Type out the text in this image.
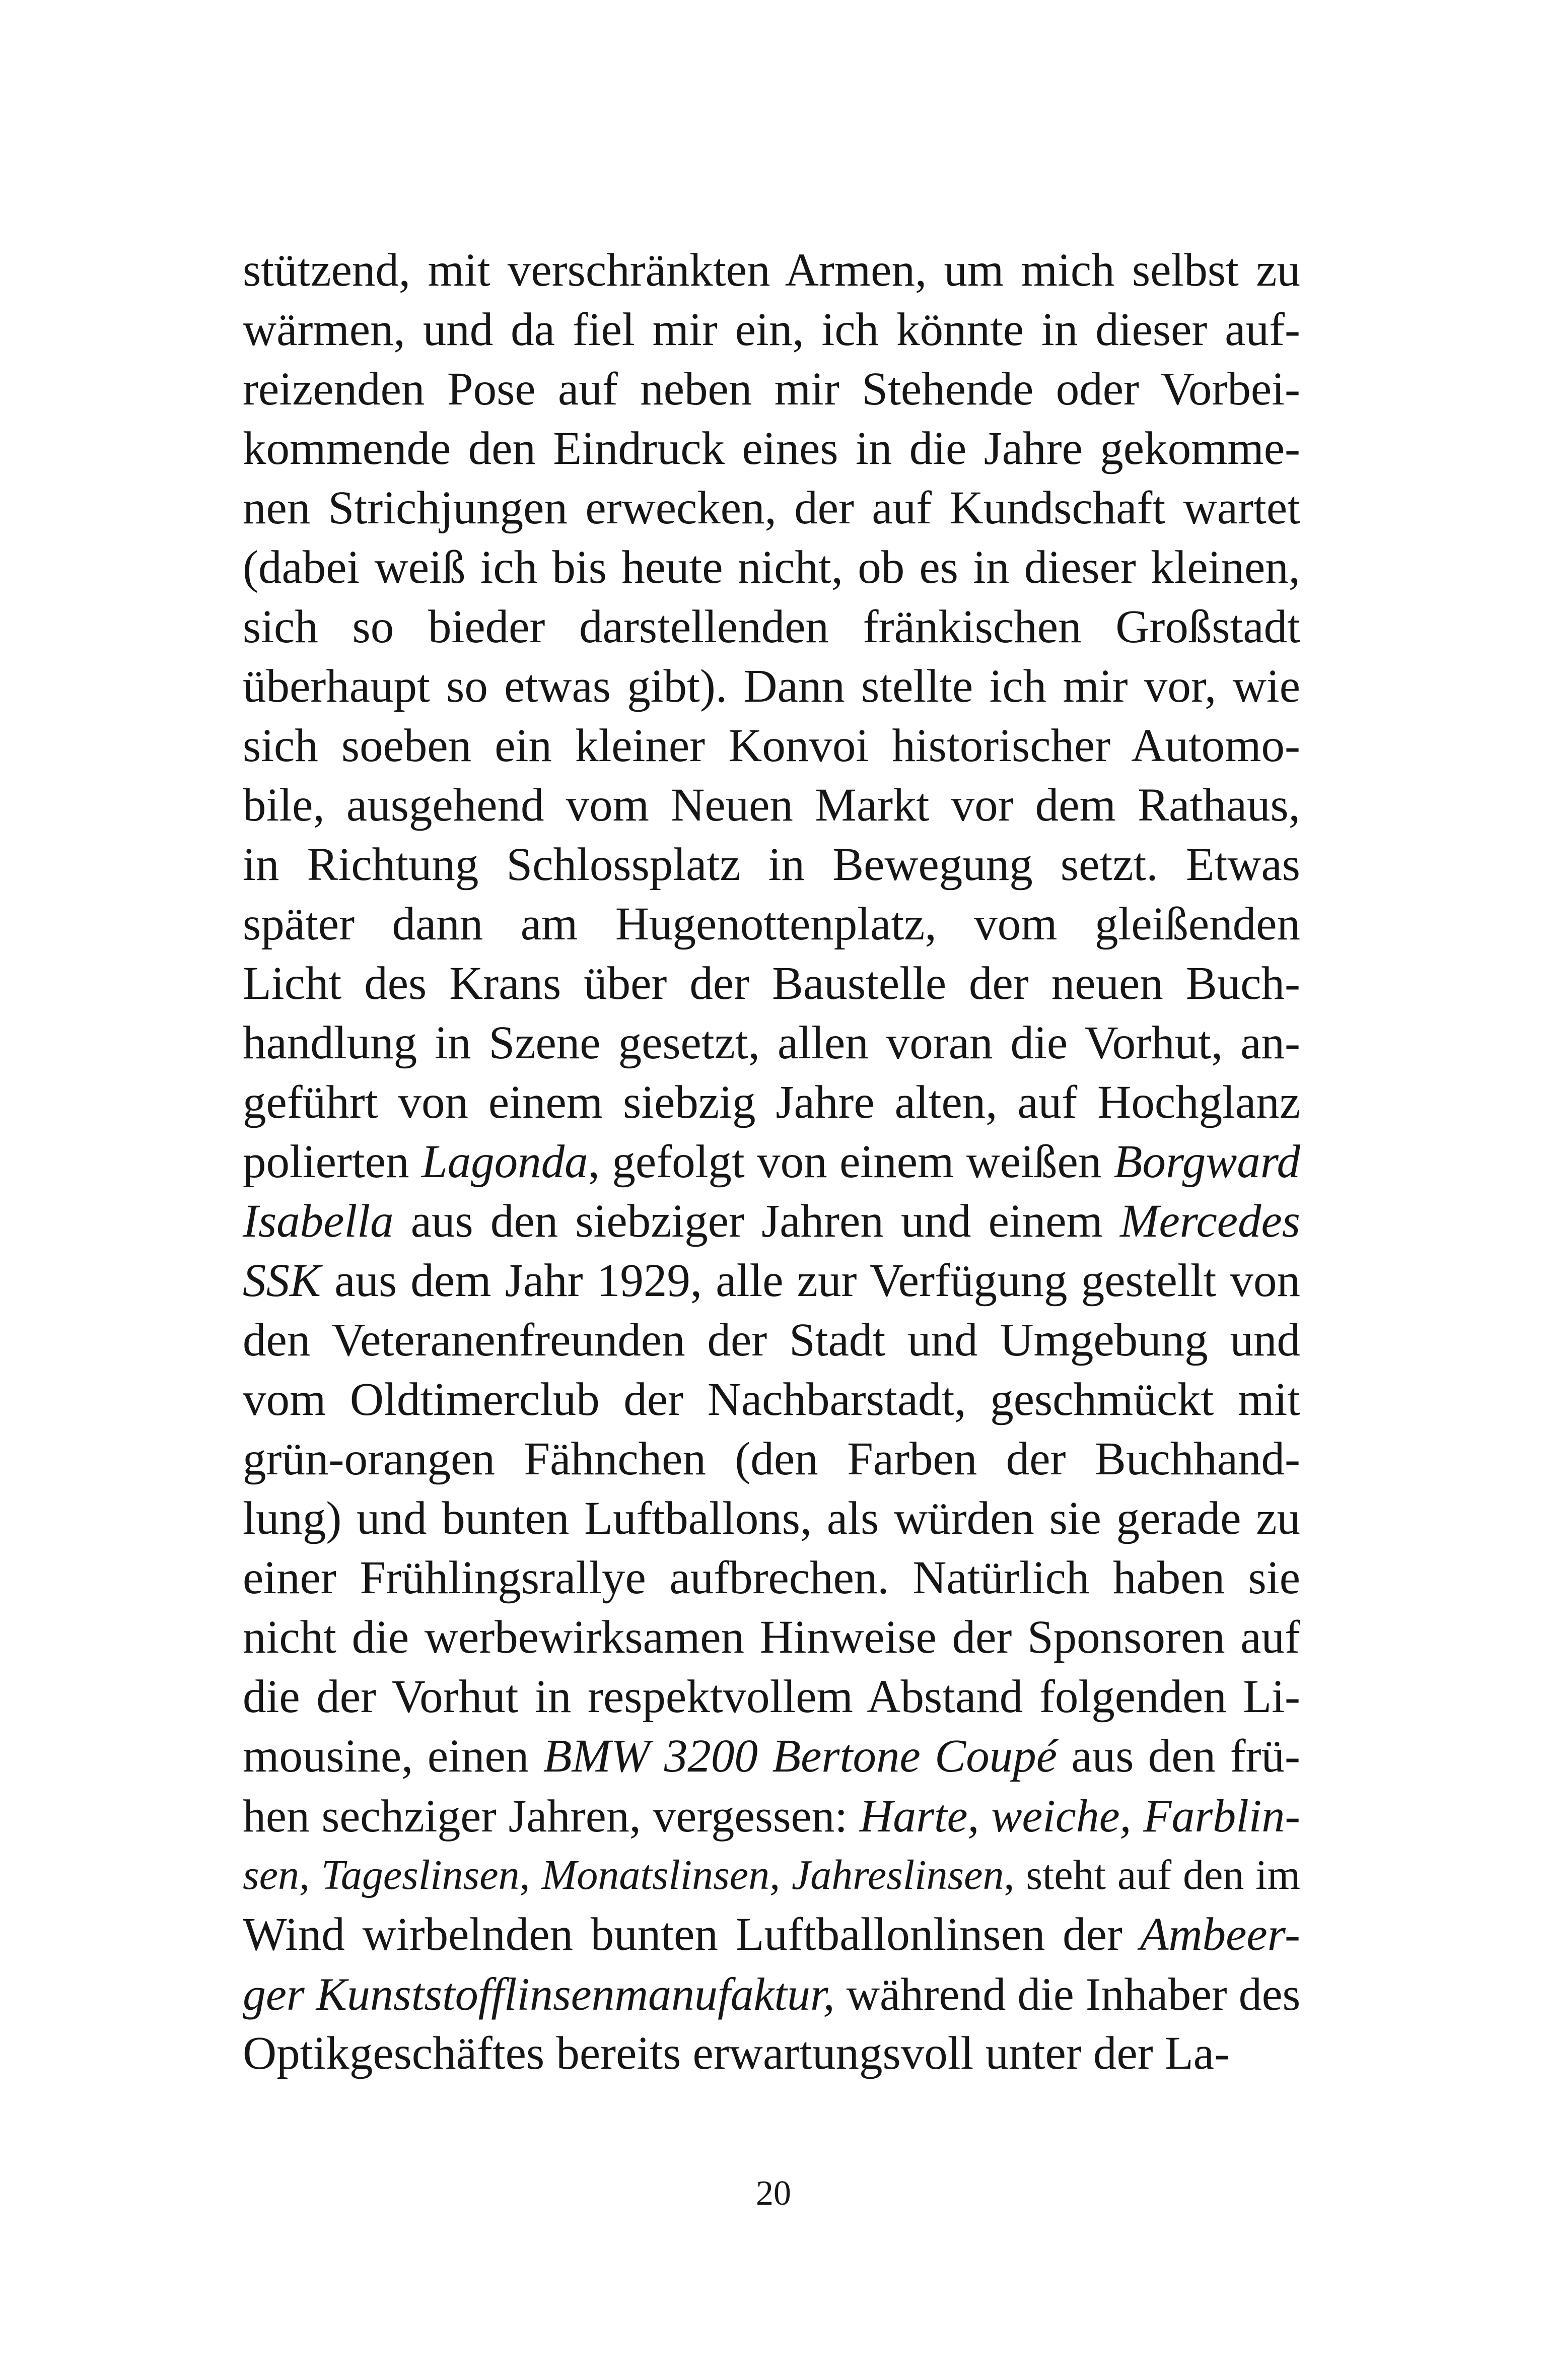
stützend, mit verschränkten Armen, um mich selbst zu
wärmen, und da fiel mir ein, ich könnte in dieser auf-
reizenden Pose auf neben mir Stehende oder Vorbei-
kommende den Eindruck eines in die Jahre gekomme-
nen Strichjungen erwecken, der auf Kundschaft wartet
(dabei weiß ich bis heute nicht, ob es in dieser kleinen,
sich so bieder darstellenden fränkischen Großstadt
überhaupt so etwas gibt). Dann stellte ich mir vor, wie
sich soeben ein kleiner Konvoi historischer Automo-
bile, ausgehend vom Neuen Markt vor dem Rathaus,
in Richtung Schlossplatz in Bewegung setzt. Etwas
später dann am Hugenottenplatz, vom gleißenden
Licht des Krans über der Baustelle der neuen Buch-
handlung in Szene gesetzt, allen voran die Vorhut, an-
geführt von einem siebzig Jahre alten, auf Hochglanz
polierten Lagonda, gefolgt von einem weißen Borgward
Isabella aus den siebziger Jahren und einem Mercedes
SSK aus dem Jahr 1929, alle zur Verfügung gestellt von
den Veteranenfreunden der Stadt und Umgebung und
vom Oldtimerclub der Nachbarstadt, geschmückt mit
grün-orangen Fähnchen (den Farben der Buchhand-
lung) und bunten Luftballons, als würden sie gerade zu
einer Frühlingsrallye aufbrechen. Natürlich haben sie
nicht die werbewirksamen Hinweise der Sponsoren auf
die der Vorhut in respektvollem Abstand folgenden Li-
mousine, einen BMW 3200 Bertone Coupé aus den frü-
hen sechziger Jahren, vergessen: Harte, weiche, Farblin-
sen, Tageslinsen, Monatslinsen, Jahreslinsen, steht auf den im
Wind wirbelnden bunten Luftballonlinsen der Ambeer-
ger Kunststofflinsenmanufaktur, während die Inhaber des
Optikgeschäftes bereits erwartungsvoll unter der La-
20
